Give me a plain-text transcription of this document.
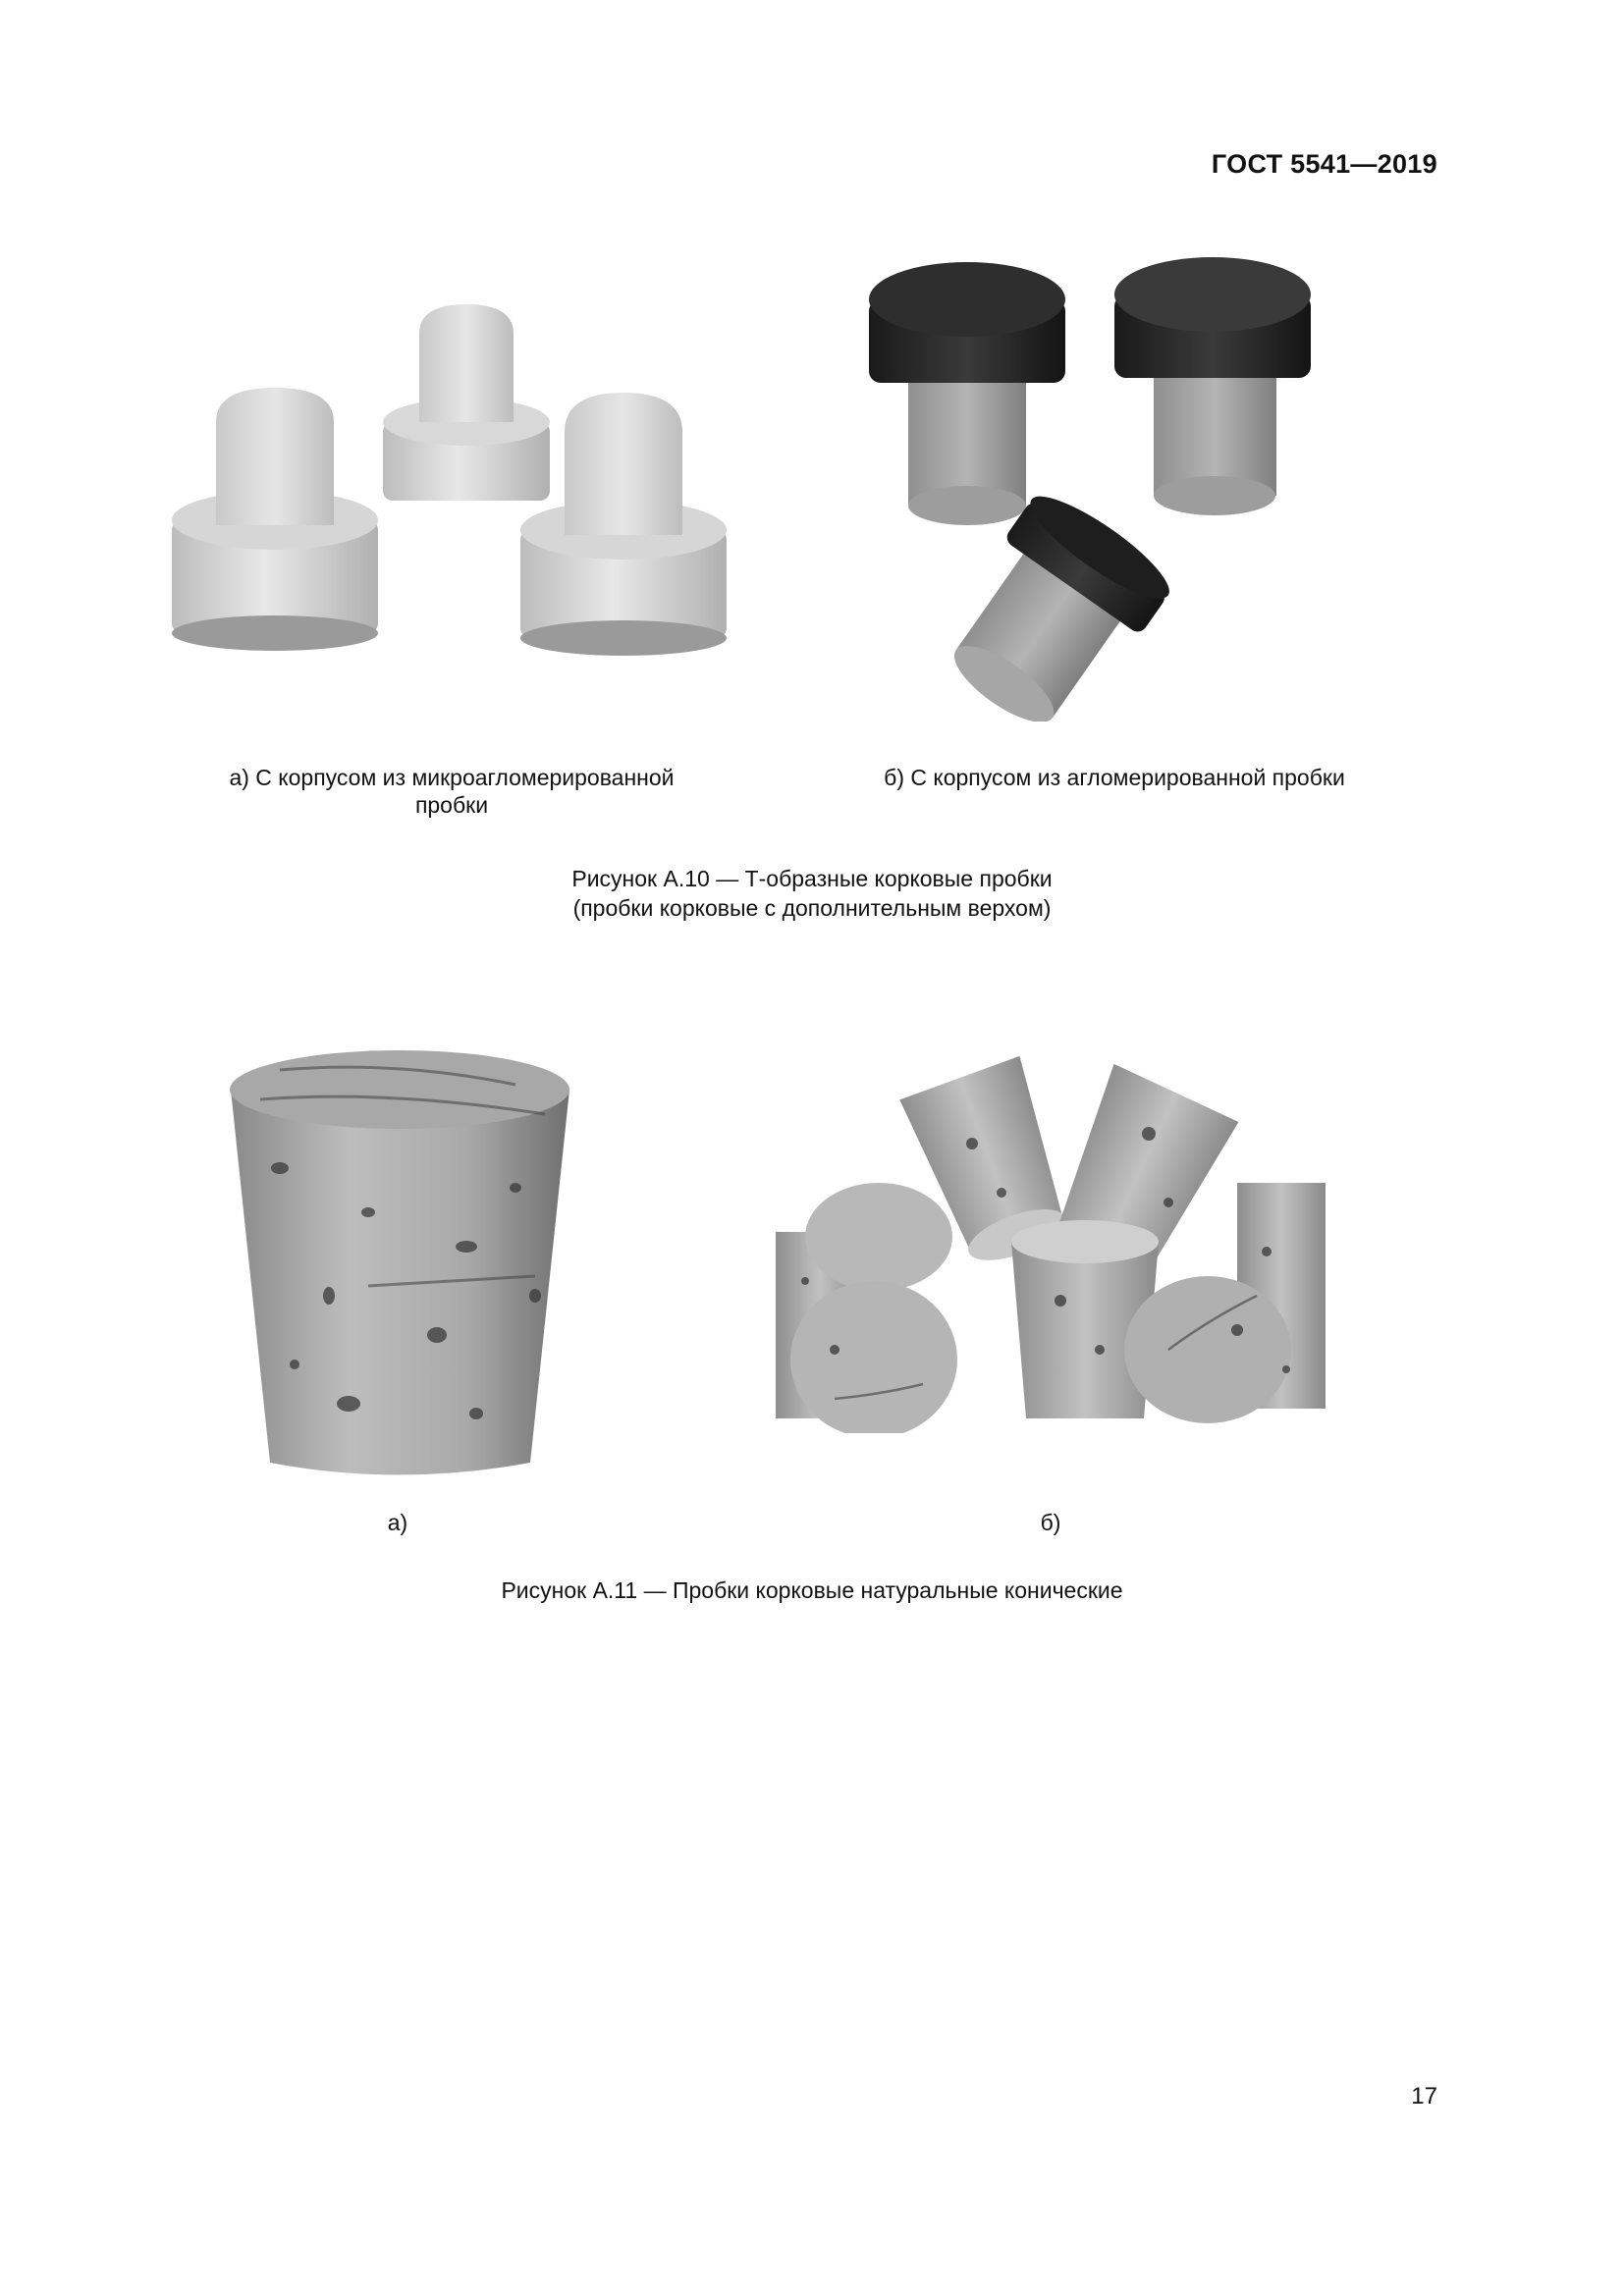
ГОСТ 5541—2019
а) С корпусом из микроагломерированной
пробки
б) С корпусом из агломерированной пробки
Рисунок А.10 — Т-образные корковые пробки
(пробки корковые с дополнительным верхом)
а)	б)
Рисунок А.11 — Пробки корковые натуральные конические
17
